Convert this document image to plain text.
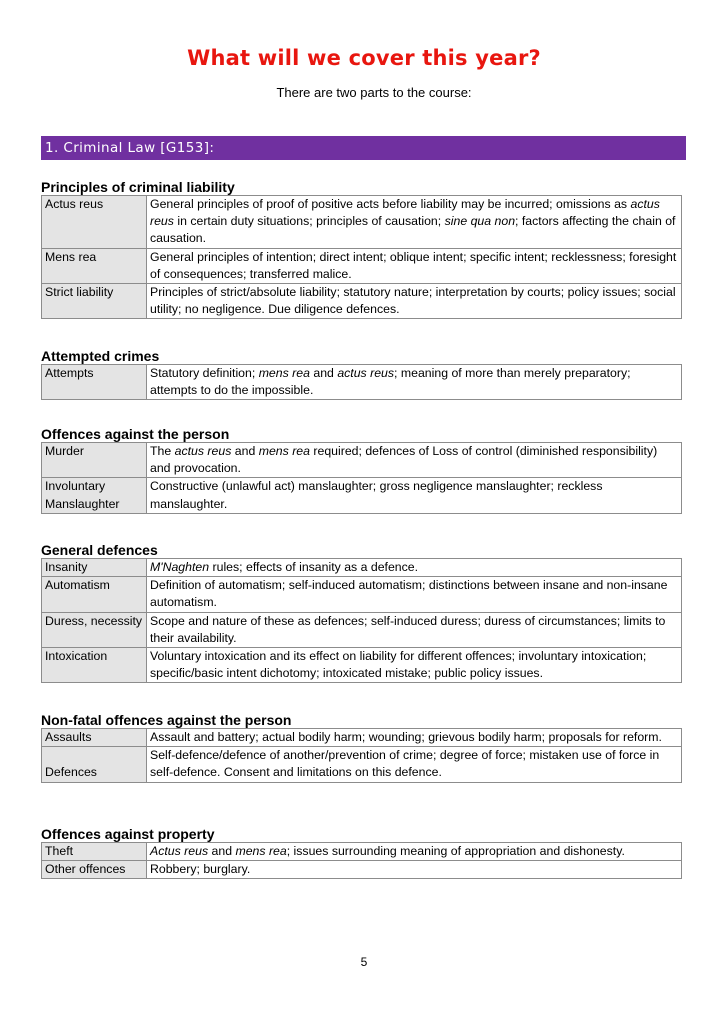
What will we cover this year?
There are two parts to the course:
1. Criminal Law [G153]:
Principles of criminal liability
Actus reus	General principles of proof of positive acts before liability may be incurred; omissions as actus reus in certain duty situations; principles of causation; sine qua non; factors affecting the chain of causation.
Mens rea	General principles of intention; direct intent; oblique intent; specific intent; recklessness; foresight of consequences; transferred malice.
Strict liability	Principles of strict/absolute liability; statutory nature; interpretation by courts; policy issues; social utility; no negligence. Due diligence defences.
Attempted crimes
Attempts	Statutory definition; mens rea and actus reus; meaning of more than merely preparatory; attempts to do the impossible.
Offences against the person
Murder	The actus reus and mens rea required; defences of Loss of control (diminished responsibility) and provocation.
Involuntary Manslaughter	Constructive (unlawful act) manslaughter; gross negligence manslaughter; reckless manslaughter.
General defences
Insanity	M'Naghten rules; effects of insanity as a defence.
Automatism	Definition of automatism; self-induced automatism; distinctions between insane and non-insane automatism.
Duress, necessity	Scope and nature of these as defences; self-induced duress; duress of circumstances; limits to their availability.
Intoxication	Voluntary intoxication and its effect on liability for different offences; involuntary intoxication; specific/basic intent dichotomy; intoxicated mistake; public policy issues.
Non-fatal offences against the person
Assaults	Assault and battery; actual bodily harm; wounding; grievous bodily harm; proposals for reform.
Defences	Self-defence/defence of another/prevention of crime; degree of force; mistaken use of force in self-defence. Consent and limitations on this defence.
Offences against property
Theft	Actus reus and mens rea; issues surrounding meaning of appropriation and dishonesty.
Other offences	Robbery; burglary.
5
